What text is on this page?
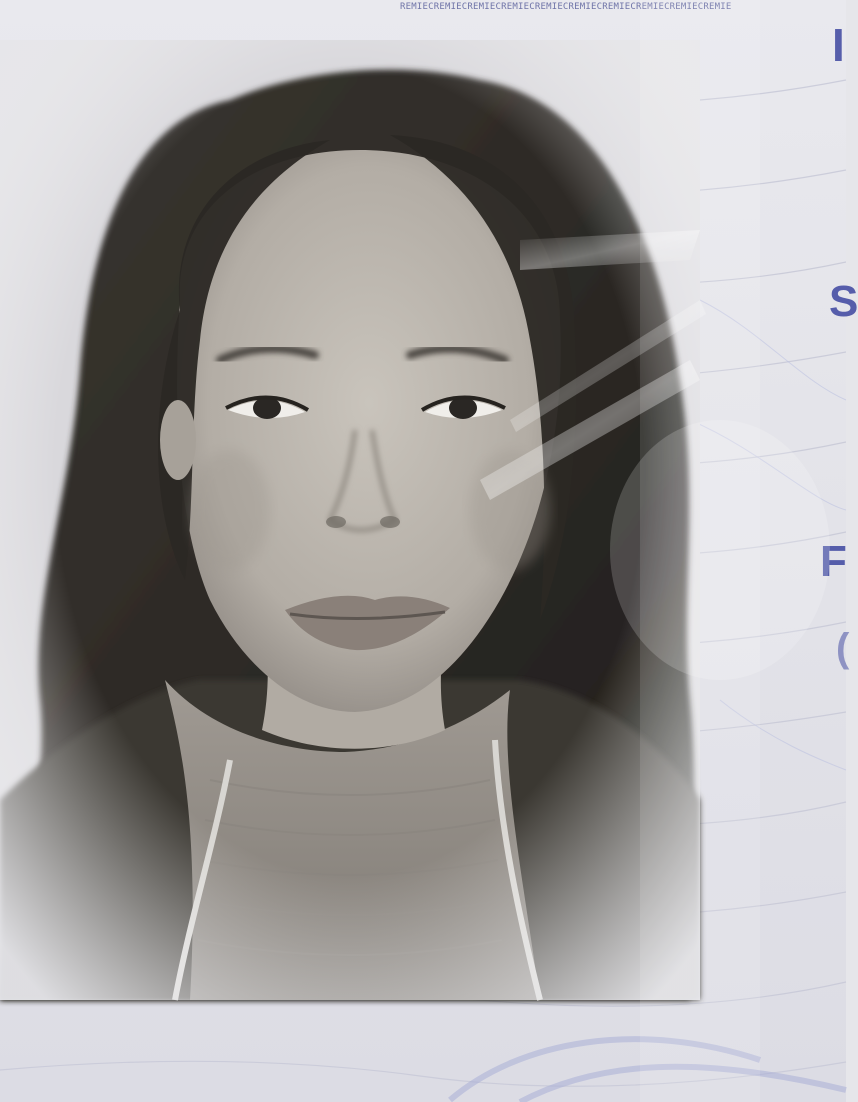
REMIECREMIECREMIECREMIECREMIECREMIECREMIECREMIECREMIECREMIE
I
S
F
(
